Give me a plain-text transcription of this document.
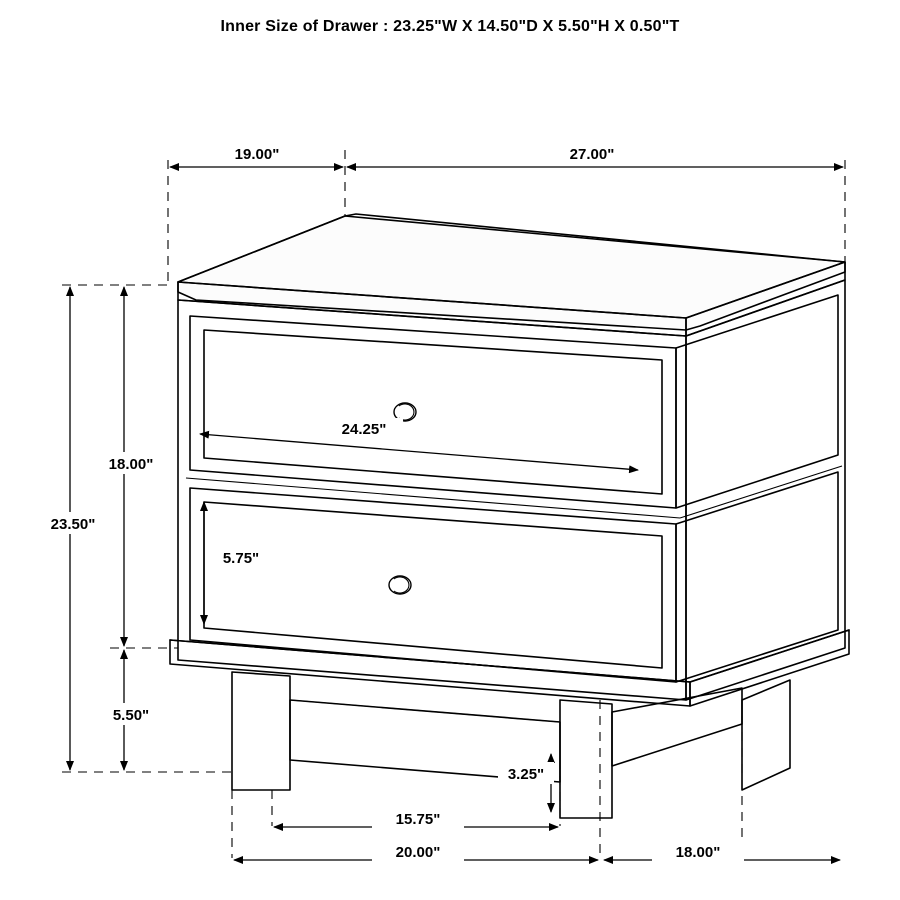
Inner Size of Drawer : 23.25"W X 14.50"D X 5.50"H X 0.50"T
19.00"	27.00"
23.50"
18.00"
5.50"
24.25"
5.75"
3.25"
15.75"
20.00"	18.00"
